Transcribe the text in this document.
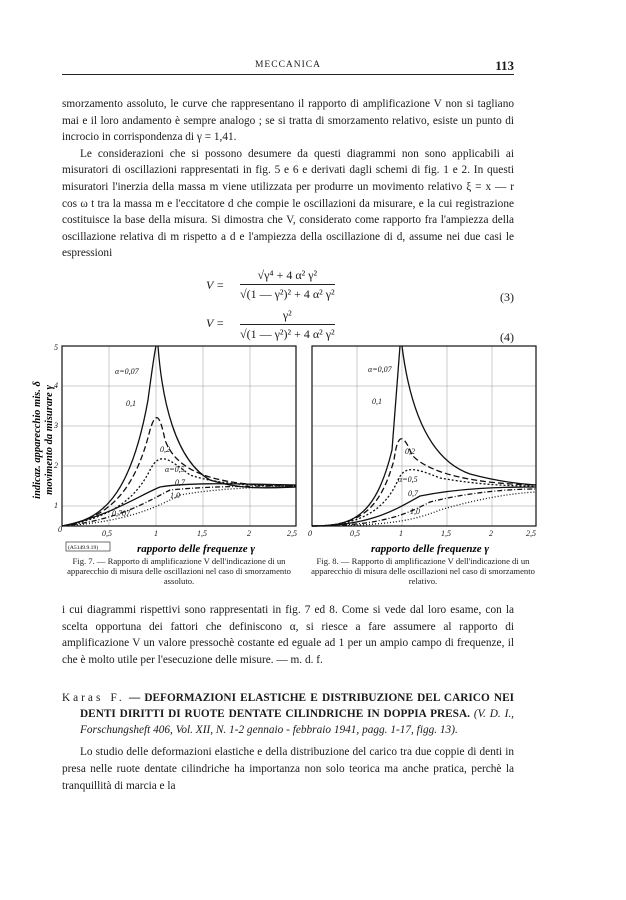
MECCANICA	113

smorzamento assoluto, le curve che rappresentano il rapporto di amplificazione V non si tagliano mai e il loro andamento è sempre analogo ; se si tratta di smorzamento relativo, esiste un punto di incrocio in corrispondenza di γ = 1,41.

Le considerazioni che si possono desumere da questi diagrammi non sono applicabili ai misuratori di oscillazioni rappresentati in fig. 5 e 6 e derivati dagli schemi di fig. 1 e 2. In questi misuratori l'inerzia della massa m viene utilizzata per produrre un movimento relativo ξ = x — r cos ω t tra la massa m e l'eccitatore d che compie le oscillazioni da misurare, e la cui registrazione costituisce la base della misura. Si dimostra che V, considerato come rapporto fra l'ampiezza della oscillazione relativa di m rispetto a d e l'ampiezza della oscillazione di d, assume nei due casi le espressioni

$V = \frac{\text{√γ⁴ + 4 α² γ²}}{\text{√(1 — γ²)² + 4 α² γ²}}$	(3)
$V = \frac{\text{γ²}}{\text{√(1 — γ²)² + 4 α² γ²}}$	(4)
α=0,07
0,1
0,2
α=0,5
0,7
1,0
0,707
0	0,5	1	1,5	2	2,5
1
2
3
4
5
indicaz. apparecchio mis. δ movimento da misurare γ
(A5149.9.19)	rapporto delle frequenze γ
α=0,07
0,1
0,2
α=0,5
0,7
1,0
0	0,5	1	1,5	2	2,5
rapporto delle frequenze γ
Fig. 7. — Rapporto di amplificazione V dell'indicazione di un apparecchio di misura delle oscillazioni nel caso di smorzamento assoluto.
Fig. 8. — Rapporto di amplificazione V dell'indicazione di un apparecchio di misura delle oscillazioni nel caso di smorzamento relativo.

i cui diagrammi rispettivi sono rappresentati in fig. 7 ed 8. Come si vede dal loro esame, con la scelta opportuna dei fattori che definiscono α, si riesce a fare assumere al rapporto di amplificazione V un valore pressochè costante ed eguale ad 1 per un ampio campo di frequenze, il che è molto utile per l'esecuzione delle misure. — m. d. f.

Karas F. — DEFORMAZIONI ELASTICHE E DISTRIBUZIONE DEL CARICO NEI DENTI DIRITTI DI RUOTE DENTATE CILINDRICHE IN DOPPIA PRESA. (V. D. I., Forschungsheft 406, Vol. XII, N. 1-2 gennaio - febbraio 1941, pagg. 1-17, figg. 13).

Lo studio delle deformazioni elastiche e della distribuzione del carico tra due coppie di denti in presa nelle ruote dentate cilindriche ha importanza non solo teorica ma anche pratica, perchè la tranquillità di marcia e la
